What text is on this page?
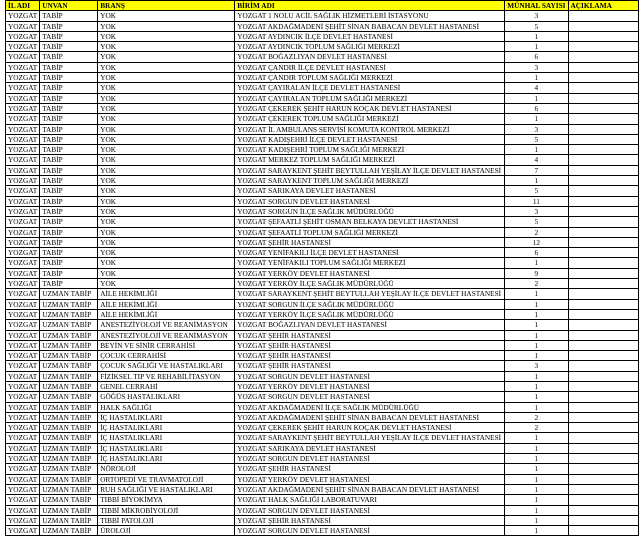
İL ADI	UNVAN	BRANŞ	BİRİM ADI	MÜNHAL SAYISI	AÇIKLAMA
YOZGAT	TABİP	YOK	YOZGAT 1 NOLU ACİL SAĞLIK HİZMETLERİ İSTASYONU	3	
YOZGAT	TABİP	YOK	YOZGAT AKDAĞMADENİ ŞEHİT SİNAN BABACAN DEVLET HASTANESİ	5	
YOZGAT	TABİP	YOK	YOZGAT AYDINCIK İLÇE DEVLET HASTANESİ	1	
YOZGAT	TABİP	YOK	YOZGAT AYDINCIK TOPLUM SAĞLIĞI MERKEZİ	1	
YOZGAT	TABİP	YOK	YOZGAT BOĞAZLIYAN DEVLET HASTANESİ	6	
YOZGAT	TABİP	YOK	YOZGAT ÇANDIR İLÇE DEVLET HASTANESİ	3	
YOZGAT	TABİP	YOK	YOZGAT ÇANDIR TOPLUM SAĞLIĞI MERKEZİ	1	
YOZGAT	TABİP	YOK	YOZGAT ÇAYIRALAN İLÇE DEVLET HASTANESİ	4	
YOZGAT	TABİP	YOK	YOZGAT ÇAYIRALAN TOPLUM SAĞLIĞI MERKEZİ	1	
YOZGAT	TABİP	YOK	YOZGAT ÇEKEREK ŞEHİT HARUN KOÇAK DEVLET HASTANESİ	6	
YOZGAT	TABİP	YOK	YOZGAT ÇEKEREK TOPLUM SAĞLIĞI MERKEZİ	1	
YOZGAT	TABİP	YOK	YOZGAT İL AMBULANS SERVİSİ KOMUTA KONTROL MERKEZİ	3	
YOZGAT	TABİP	YOK	YOZGAT KADIŞEHRİ İLÇE DEVLET HASTANESİ	5	
YOZGAT	TABİP	YOK	YOZGAT KADIŞEHRİ TOPLUM SAĞLIĞI MERKEZİ	1	
YOZGAT	TABİP	YOK	YOZGAT MERKEZ TOPLUM SAĞLIĞI MERKEZİ	4	
YOZGAT	TABİP	YOK	YOZGAT SARAYKENT ŞEHİT BEYTULLAH YEŞİLAY İLÇE DEVLET HASTANESİ	7	
YOZGAT	TABİP	YOK	YOZGAT SARAYKENT TOPLUM SAĞLIĞI MERKEZİ	1	
YOZGAT	TABİP	YOK	YOZGAT SARIKAYA DEVLET HASTANESİ	5	
YOZGAT	TABİP	YOK	YOZGAT SORGUN DEVLET HASTANESİ	11	
YOZGAT	TABİP	YOK	YOZGAT SORGUN İLÇE SAĞLIK MÜDÜRLÜĞÜ	3	
YOZGAT	TABİP	YOK	YOZGAT ŞEFAATLİ ŞEHİT OSMAN BELKAYA DEVLET HASTANESİ	5	
YOZGAT	TABİP	YOK	YOZGAT ŞEFAATLİ TOPLUM SAĞLIĞI MERKEZİ	2	
YOZGAT	TABİP	YOK	YOZGAT ŞEHİR HASTANESİ	12	
YOZGAT	TABİP	YOK	YOZGAT YENİFAKILI İLÇE DEVLET HASTANESİ	6	
YOZGAT	TABİP	YOK	YOZGAT YENİFAKILI TOPLUM SAĞLIĞI MERKEZİ	1	
YOZGAT	TABİP	YOK	YOZGAT YERKÖY DEVLET HASTANESİ	9	
YOZGAT	TABİP	YOK	YOZGAT YERKÖY İLÇE SAĞLIK MÜDÜRLÜĞÜ	2	
YOZGAT	UZMAN TABİP	AİLE HEKİMLİĞİ	YOZGAT SARAYKENT ŞEHİT BEYTULLAH YEŞİLAY İLÇE DEVLET HASTANESİ	1	
YOZGAT	UZMAN TABİP	AİLE HEKİMLİĞİ	YOZGAT SORGUN İLÇE SAĞLIK MÜDÜRLÜĞÜ	1	
YOZGAT	UZMAN TABİP	AİLE HEKİMLİĞİ	YOZGAT YERKÖY İLÇE SAĞLIK MÜDÜRLÜĞÜ	1	
YOZGAT	UZMAN TABİP	ANESTEZİYOLOJİ VE REANİMASYON	YOZGAT BOĞAZLIYAN DEVLET HASTANESİ	1	
YOZGAT	UZMAN TABİP	ANESTEZİYOLOJİ VE REANİMASYON	YOZGAT ŞEHİR HASTANESİ	1	
YOZGAT	UZMAN TABİP	BEYİN VE SİNİR CERRAHİSİ	YOZGAT ŞEHİR HASTANESİ	1	
YOZGAT	UZMAN TABİP	ÇOCUK CERRAHİSİ	YOZGAT ŞEHİR HASTANESİ	1	
YOZGAT	UZMAN TABİP	ÇOCUK SAĞLIĞI VE HASTALIKLARI	YOZGAT ŞEHİR HASTANESİ	3	
YOZGAT	UZMAN TABİP	FİZİKSEL TIP VE REHABİLİTASYON	YOZGAT SORGUN DEVLET HASTANESİ	1	
YOZGAT	UZMAN TABİP	GENEL CERRAHİ	YOZGAT YERKÖY DEVLET HASTANESİ	1	
YOZGAT	UZMAN TABİP	GÖĞÜS HASTALIKLARI	YOZGAT SORGUN DEVLET HASTANESİ	1	
YOZGAT	UZMAN TABİP	HALK SAĞLIĞI	YOZGAT AKDAĞMADENİ İLÇE SAĞLIK MÜDÜRLÜĞÜ	1	
YOZGAT	UZMAN TABİP	İÇ HASTALIKLARI	YOZGAT AKDAĞMADENİ ŞEHİT SİNAN BABACAN DEVLET HASTANESİ	2	
YOZGAT	UZMAN TABİP	İÇ HASTALIKLARI	YOZGAT ÇEKEREK ŞEHİT HARUN KOÇAK DEVLET HASTANESİ	2	
YOZGAT	UZMAN TABİP	İÇ HASTALIKLARI	YOZGAT SARAYKENT ŞEHİT BEYTULLAH YEŞİLAY İLÇE DEVLET HASTANESİ	1	
YOZGAT	UZMAN TABİP	İÇ HASTALIKLARI	YOZGAT SARIKAYA DEVLET HASTANESİ	1	
YOZGAT	UZMAN TABİP	İÇ HASTALIKLARI	YOZGAT SORGUN DEVLET HASTANESİ	1	
YOZGAT	UZMAN TABİP	NÖROLOJİ	YOZGAT ŞEHİR HASTANESİ	1	
YOZGAT	UZMAN TABİP	ORTOPEDİ VE TRAVMATOLOJİ	YOZGAT YERKÖY DEVLET HASTANESİ	1	
YOZGAT	UZMAN TABİP	RUH SAĞLIĞI VE HASTALIKLARI	YOZGAT AKDAĞMADENİ ŞEHİT SİNAN BABACAN DEVLET HASTANESİ	1	
YOZGAT	UZMAN TABİP	TIBBİ BİYOKİMYA	YOZGAT HALK SAĞLIĞI LABORATUVARI	1	
YOZGAT	UZMAN TABİP	TIBBİ MİKROBİYOLOJİ	YOZGAT SORGUN DEVLET HASTANESİ	1	
YOZGAT	UZMAN TABİP	TIBBİ PATOLOJİ	YOZGAT ŞEHİR HASTANESİ	1	
YOZGAT	UZMAN TABİP	ÜROLOJİ	YOZGAT SORGUN DEVLET HASTANESİ	1	
